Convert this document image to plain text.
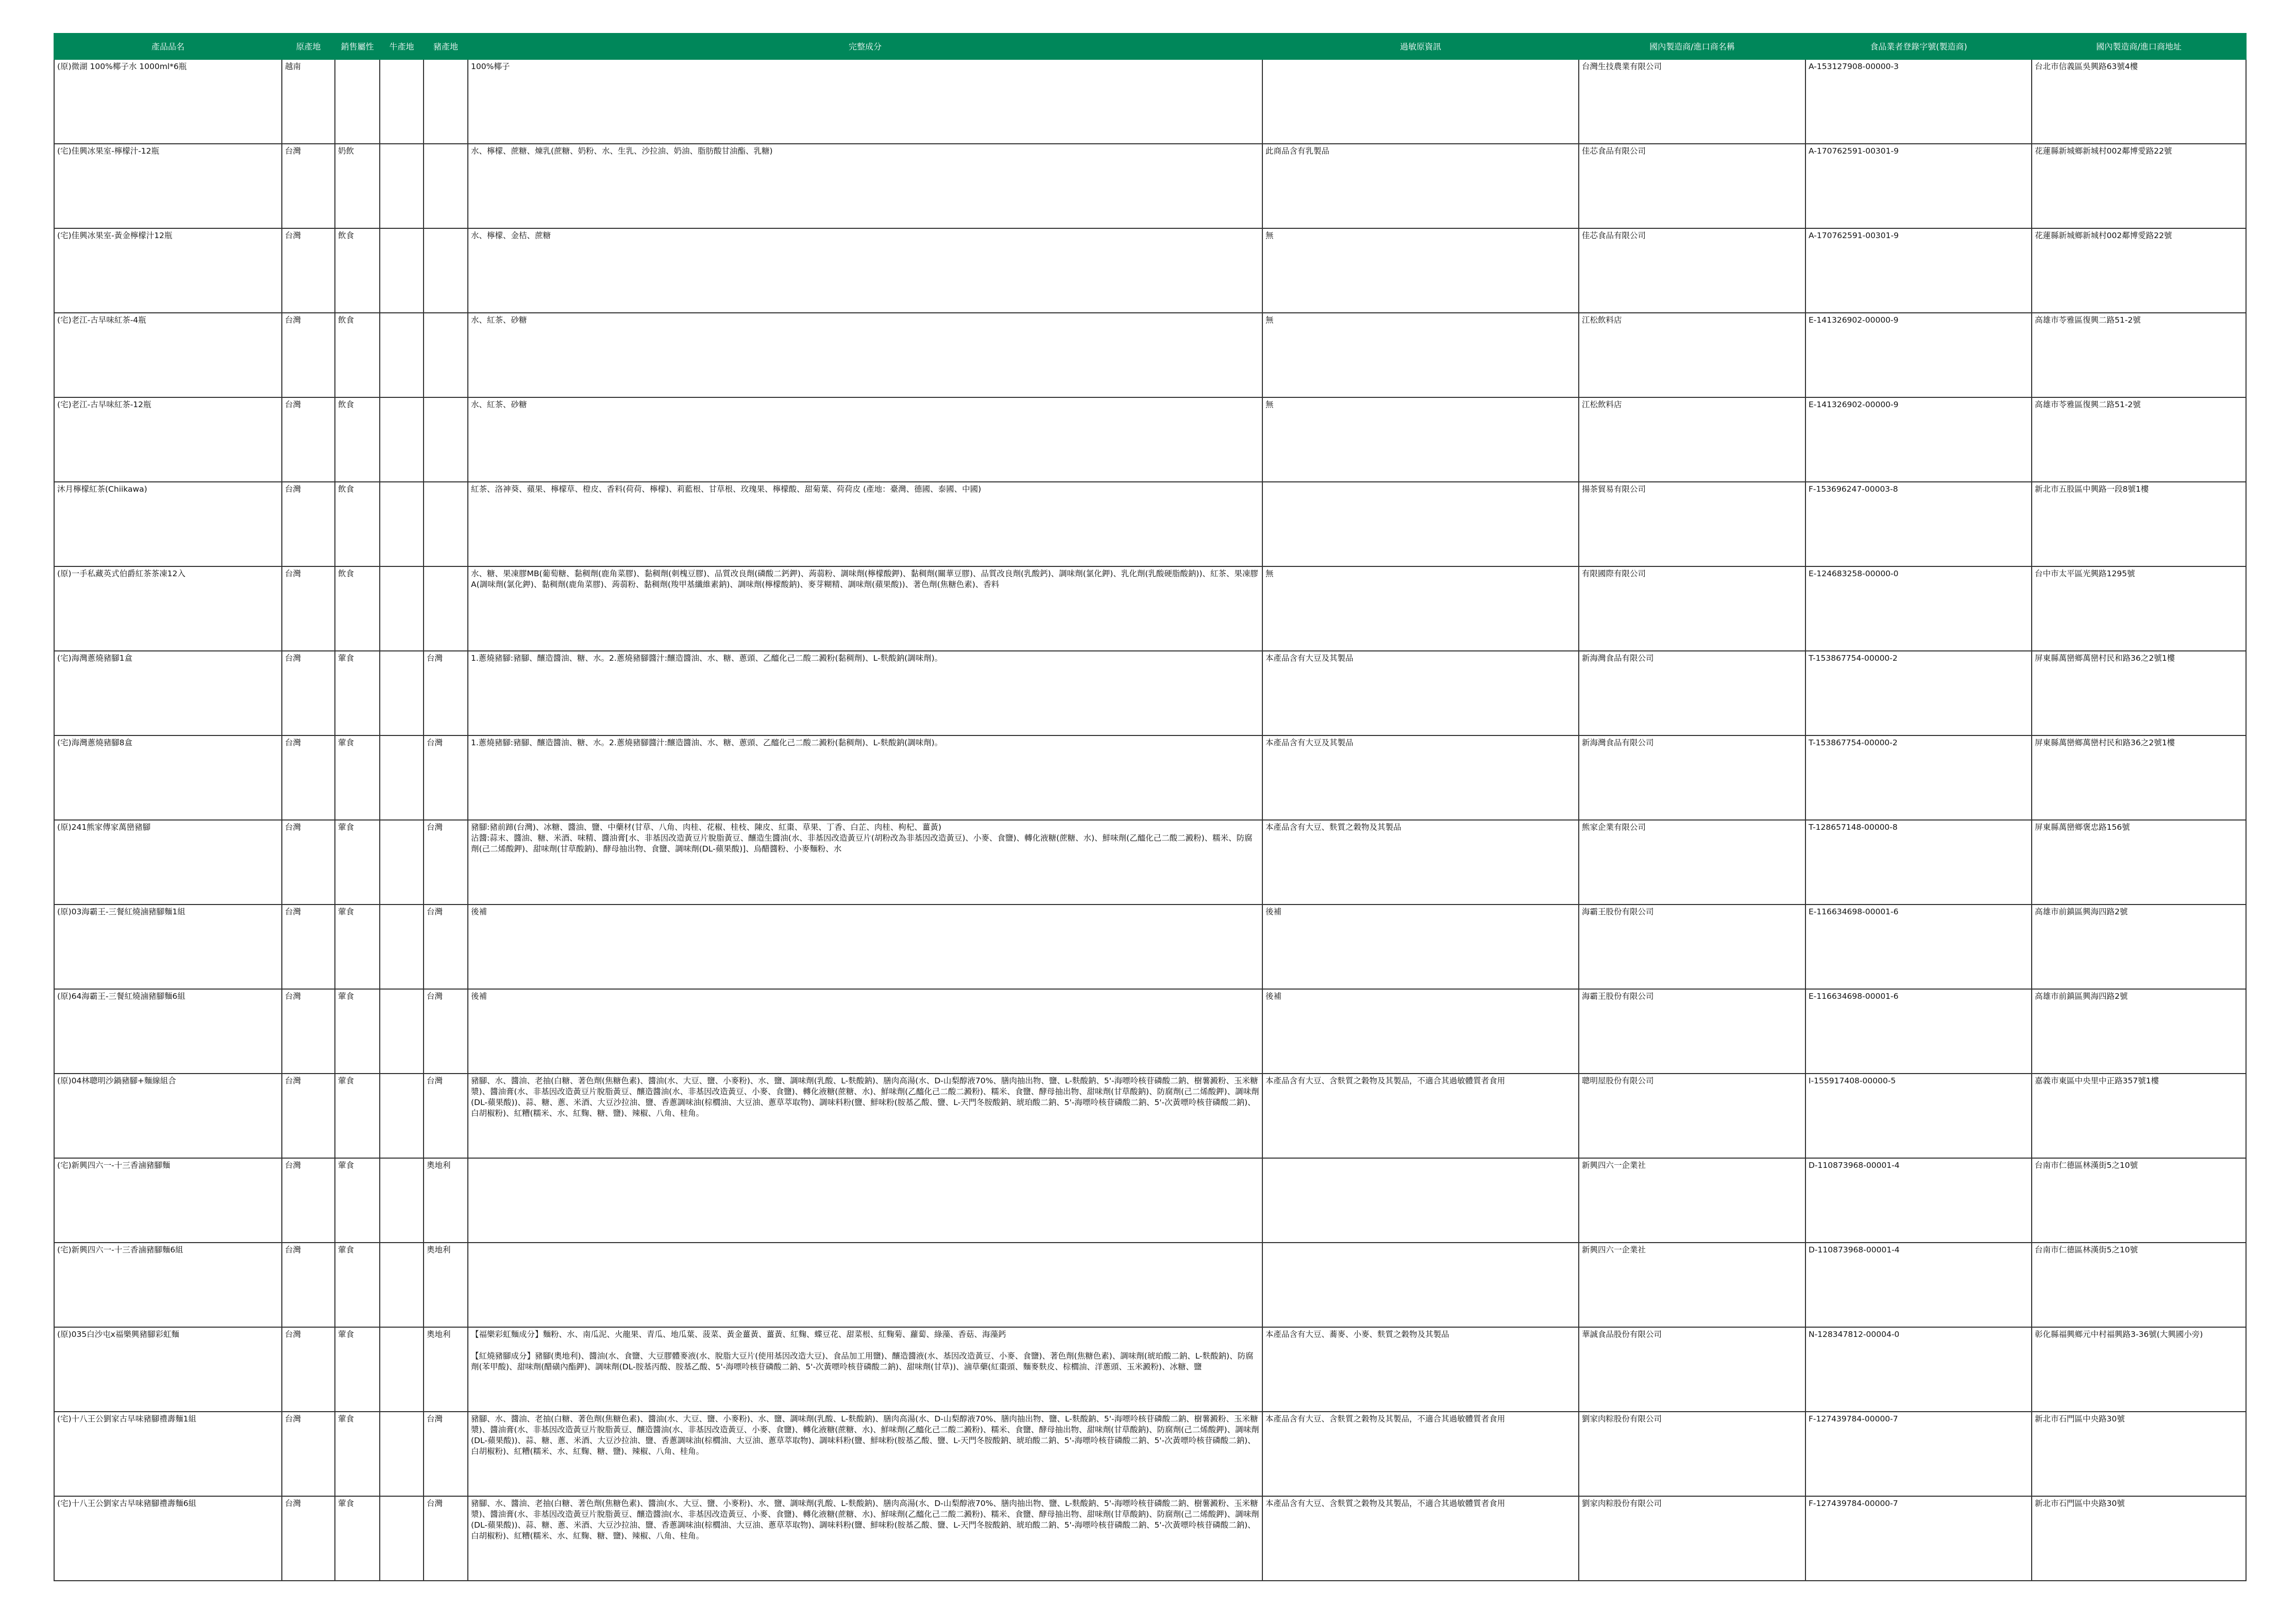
產品品名	原產地	銷售屬性	牛產地	豬產地	完整成分	過敏原資訊	國內製造商/進口商名稱	食品業者登錄字號(製造商)	國內製造商/進口商地址
(原)微湖 100%椰子水 1000ml*6瓶	越南				100%椰子		台灣生技農業有限公司	A-153127908-00000-3	台北市信義區吳興路63號4樓
(宅)佳興冰果室-檸檬汁-12瓶	台灣	奶飲			水、檸檬、蔗糖、煉乳(蔗糖、奶粉、水、生乳、沙拉油、奶油、脂肪酸甘油酯、乳糖)	此商品含有乳製品	佳芯食品有限公司	A-170762591-00301-9	花蓮縣新城鄉新城村002鄰博愛路22號
(宅)佳興冰果室-黃金檸檬汁12瓶	台灣	飲食			水、檸檬、金桔、蔗糖	無	佳芯食品有限公司	A-170762591-00301-9	花蓮縣新城鄉新城村002鄰博愛路22號
(宅)老江-古早味紅茶-4瓶	台灣	飲食			水、紅茶、砂糖	無	江松飲料店	E-141326902-00000-9	高雄市苓雅區復興二路51-2號
(宅)老江-古早味紅茶-12瓶	台灣	飲食			水、紅茶、砂糖	無	江松飲料店	E-141326902-00000-9	高雄市苓雅區復興二路51-2號
沐月檸檬紅茶(Chiikawa)	台灣	飲食			紅茶、洛神葵、蘋果、檸檬草、橙皮、香料(荷荷、檸檬)、莉藍根、甘草根、玫瑰果、檸檬酸、甜菊葉、荷荷皮 (產地：臺灣、德國、泰國、中國)		揚茶貿易有限公司	F-153696247-00003-8	新北市五股區中興路一段8號1樓
(原)一手私藏英式伯爵紅茶茶凍12入	台灣	飲食			水、糖、果凍膠MB(葡萄糖、黏稠劑(鹿角菜膠)、黏稠劑(刺槐豆膠)、品質改良劑(磷酸二鈣鉀)、蒟蒻粉、調味劑(檸檬酸鉀)、黏稠劑(關華豆膠)、品質改良劑(乳酸鈣)、調味劑(氯化鉀)、乳化劑(乳酸硬脂酸鈉))、紅茶、果凍膠A(調味劑(氯化鉀)、黏稠劑(鹿角菜膠)、蒟蒻粉、黏稠劑(羧甲基纖維素鈉)、調味劑(檸檬酸鈉)、麥芽糊精、調味劑(蘋果酸))、著色劑(焦糖色素)、香料	無	有限國際有限公司	E-124683258-00000-0	台中市太平區光興路1295號
(宅)海灣蔥燒豬腳1盒	台灣	葷食		台灣	1.蔥燒豬腳:豬腳、釀造醬油、糖、水。2.蔥燒豬腳醬汁:釀造醬油、水、糖、蔥頭、乙醯化己二酸二澱粉(黏稠劑)、L-麩酸鈉(調味劑)。	本產品含有大豆及其製品	新海灣食品有限公司	T-153867754-00000-2	屏東縣萬巒鄉萬巒村民和路36之2號1樓
(宅)海灣蔥燒豬腳8盒	台灣	葷食		台灣	1.蔥燒豬腳:豬腳、釀造醬油、糖、水。2.蔥燒豬腳醬汁:釀造醬油、水、糖、蔥頭、乙醯化己二酸二澱粉(黏稠劑)、L-麩酸鈉(調味劑)。	本產品含有大豆及其製品	新海灣食品有限公司	T-153867754-00000-2	屏東縣萬巒鄉萬巒村民和路36之2號1樓
(原)241熊家傳家萬巒豬腳	台灣	葷食		台灣	豬腳:豬前蹄(台灣)、冰糖、醬油、鹽、中藥材(甘草、八角、肉桂、花椒、桂枝、陳皮、紅棗、草果、丁香、白芷、肉桂、枸杞、薑黃)
沾醬:蒜末、醬油、糖、米酒、味精、醬油膏[水、非基因改造黃豆片脫脂黃豆、釀造生醬油(水、非基因改造黃豆片(胡粉改為非基因改造黃豆)、小麥、食鹽)、轉化液糖(蔗糖、水)、鮮味劑(乙醯化己二酸二澱粉)、糯米、防腐劑(己二烯酸鉀)、甜味劑(甘草酸鈉)、酵母抽出物、食鹽、調味劑(DL-蘋果酸)]、烏醋醬粉、小麥麵粉、水	本產品含有大豆、麩質之穀物及其製品	熊家企業有限公司	T-128657148-00000-8	屏東縣萬巒鄉褒忠路156號
(原)03海霸王-三餐紅燒滷豬腳麵1組	台灣	葷食		台灣	後補	後補	海霸王股份有限公司	E-116634698-00001-6	高雄市前鎮區興海四路2號
(原)64海霸王-三餐紅燒滷豬腳麵6組	台灣	葷食		台灣	後補	後補	海霸王股份有限公司	E-116634698-00001-6	高雄市前鎮區興海四路2號
(原)04林聰明沙鍋豬腳+麵線組合	台灣	葷食		台灣	豬腳、水、醬油、老抽(白糖、著色劑(焦糖色素)、醬油(水、大豆、鹽、小麥粉)、水、鹽、調味劑(乳酸、L-麩酸鈉)、膳肉高湯(水、D-山梨醇液70%、膳肉抽出物、鹽、L-麩酸鈉、5'-海嘌呤核苷磷酸二鈉、樹薯澱粉、玉米糖漿)、醬油膏(水、非基因改造黃豆片脫脂黃豆、釀造醬油(水、非基因改造黃豆、小麥、食鹽)、轉化液糖(蔗糖、水)、鮮味劑(乙醯化己二酸二澱粉)、糯米、食鹽、酵母抽出物、甜味劑(甘草酸鈉)、防腐劑(己二烯酸鉀)、調味劑(DL-蘋果酸))、蒜、糖、蔥、米酒、大豆沙拉油、鹽、香蔥調味油(棕櫚油、大豆油、蔥草萃取物)、調味料粉(鹽、鮮味粉(胺基乙酸、鹽、L-天門冬胺酸鈉、琥珀酸二鈉、5'-海嘌呤核苷磷酸二鈉、5'-次黃嘌呤核苷磷酸二鈉)、白胡椒粉)、紅糟(糯米、水、紅麴、糖、鹽)、辣椒、八角、桂角。	本產品含有大豆、含麩質之穀物及其製品，不適合其過敏體質者食用	聰明屋股份有限公司	I-155917408-00000-5	嘉義市東區中央里中正路357號1樓
(宅)新興四六一-十三香滷豬腳麵	台灣	葷食		奧地利			新興四六一企業社	D-110873968-00001-4	台南市仁德區林漢街5之10號
(宅)新興四六一-十三香滷豬腳麵6組	台灣	葷食		奧地利			新興四六一企業社	D-110873968-00001-4	台南市仁德區林漢街5之10號
(原)035白沙屯x福樂興豬腳彩虹麵	台灣	葷食		奧地利	【福樂彩虹麵成分】麵粉、水、南瓜泥、火龍果、青瓜、地瓜葉、菠菜、黃金薑黃、薑黃、紅麴、蝶豆花、甜菜根、紅麴菊、蘿蔔、綠藻、香菇、海藻鈣

【紅燒豬腳成分】豬腳(奧地利)、醬油(水、食鹽、大豆膠體麥液(水、脫脂大豆片(使用基因改造大豆)、食品加工用鹽)、釀造醬液(水、基因改造黃豆、小麥、食鹽)、著色劑(焦糖色素)、調味劑(琥珀酸二鈉、L-麩酸鈉)、防腐劑(苯甲酸)、甜味劑(醋磺內酯鉀)、調味劑(DL-胺基丙酸、胺基乙酸、5'-海嘌呤核苷磷酸二鈉、5'-次黃嘌呤核苷磷酸二鈉)、甜味劑(甘草))、滷草藥(紅棗頭、麵麥麩皮、棕櫚油、洋蔥頭、玉米澱粉)、冰糖、鹽	本產品含有大豆、蕎麥、小麥、麩質之穀物及其製品	華誠食品股份有限公司	N-128347812-00004-0	彰化縣福興鄉元中村福興路3-36號(大興國小旁)
(宅)十八王公劉家古早味豬腳禮壽麵1組	台灣	葷食		台灣	豬腳、水、醬油、老抽(白糖、著色劑(焦糖色素)、醬油(水、大豆、鹽、小麥粉)、水、鹽、調味劑(乳酸、L-麩酸鈉)、膳肉高湯(水、D-山梨醇液70%、膳肉抽出物、鹽、L-麩酸鈉、5'-海嘌呤核苷磷酸二鈉、樹薯澱粉、玉米糖漿)、醬油膏(水、非基因改造黃豆片脫脂黃豆、釀造醬油(水、非基因改造黃豆、小麥、食鹽)、轉化液糖(蔗糖、水)、鮮味劑(乙醯化己二酸二澱粉)、糯米、食鹽、酵母抽出物、甜味劑(甘草酸鈉)、防腐劑(己二烯酸鉀)、調味劑(DL-蘋果酸))、蒜、糖、蔥、米酒、大豆沙拉油、鹽、香蔥調味油(棕櫚油、大豆油、蔥草萃取物)、調味料粉(鹽、鮮味粉(胺基乙酸、鹽、L-天門冬胺酸鈉、琥珀酸二鈉、5'-海嘌呤核苷磷酸二鈉、5'-次黃嘌呤核苷磷酸二鈉)、白胡椒粉)、紅糟(糯米、水、紅麴、糖、鹽)、辣椒、八角、桂角。	本產品含有大豆、含麩質之穀物及其製品，不適合其過敏體質者食用	劉家肉粽股份有限公司	F-127439784-00000-7	新北市石門區中央路30號
(宅)十八王公劉家古早味豬腳禮壽麵6組	台灣	葷食		台灣	豬腳、水、醬油、老抽(白糖、著色劑(焦糖色素)、醬油(水、大豆、鹽、小麥粉)、水、鹽、調味劑(乳酸、L-麩酸鈉)、膳肉高湯(水、D-山梨醇液70%、膳肉抽出物、鹽、L-麩酸鈉、5'-海嘌呤核苷磷酸二鈉、樹薯澱粉、玉米糖漿)、醬油膏(水、非基因改造黃豆片脫脂黃豆、釀造醬油(水、非基因改造黃豆、小麥、食鹽)、轉化液糖(蔗糖、水)、鮮味劑(乙醯化己二酸二澱粉)、糯米、食鹽、酵母抽出物、甜味劑(甘草酸鈉)、防腐劑(己二烯酸鉀)、調味劑(DL-蘋果酸))、蒜、糖、蔥、米酒、大豆沙拉油、鹽、香蔥調味油(棕櫚油、大豆油、蔥草萃取物)、調味料粉(鹽、鮮味粉(胺基乙酸、鹽、L-天門冬胺酸鈉、琥珀酸二鈉、5'-海嘌呤核苷磷酸二鈉、5'-次黃嘌呤核苷磷酸二鈉)、白胡椒粉)、紅糟(糯米、水、紅麴、糖、鹽)、辣椒、八角、桂角。	本產品含有大豆、含麩質之穀物及其製品，不適合其過敏體質者食用	劉家肉粽股份有限公司	F-127439784-00000-7	新北市石門區中央路30號
